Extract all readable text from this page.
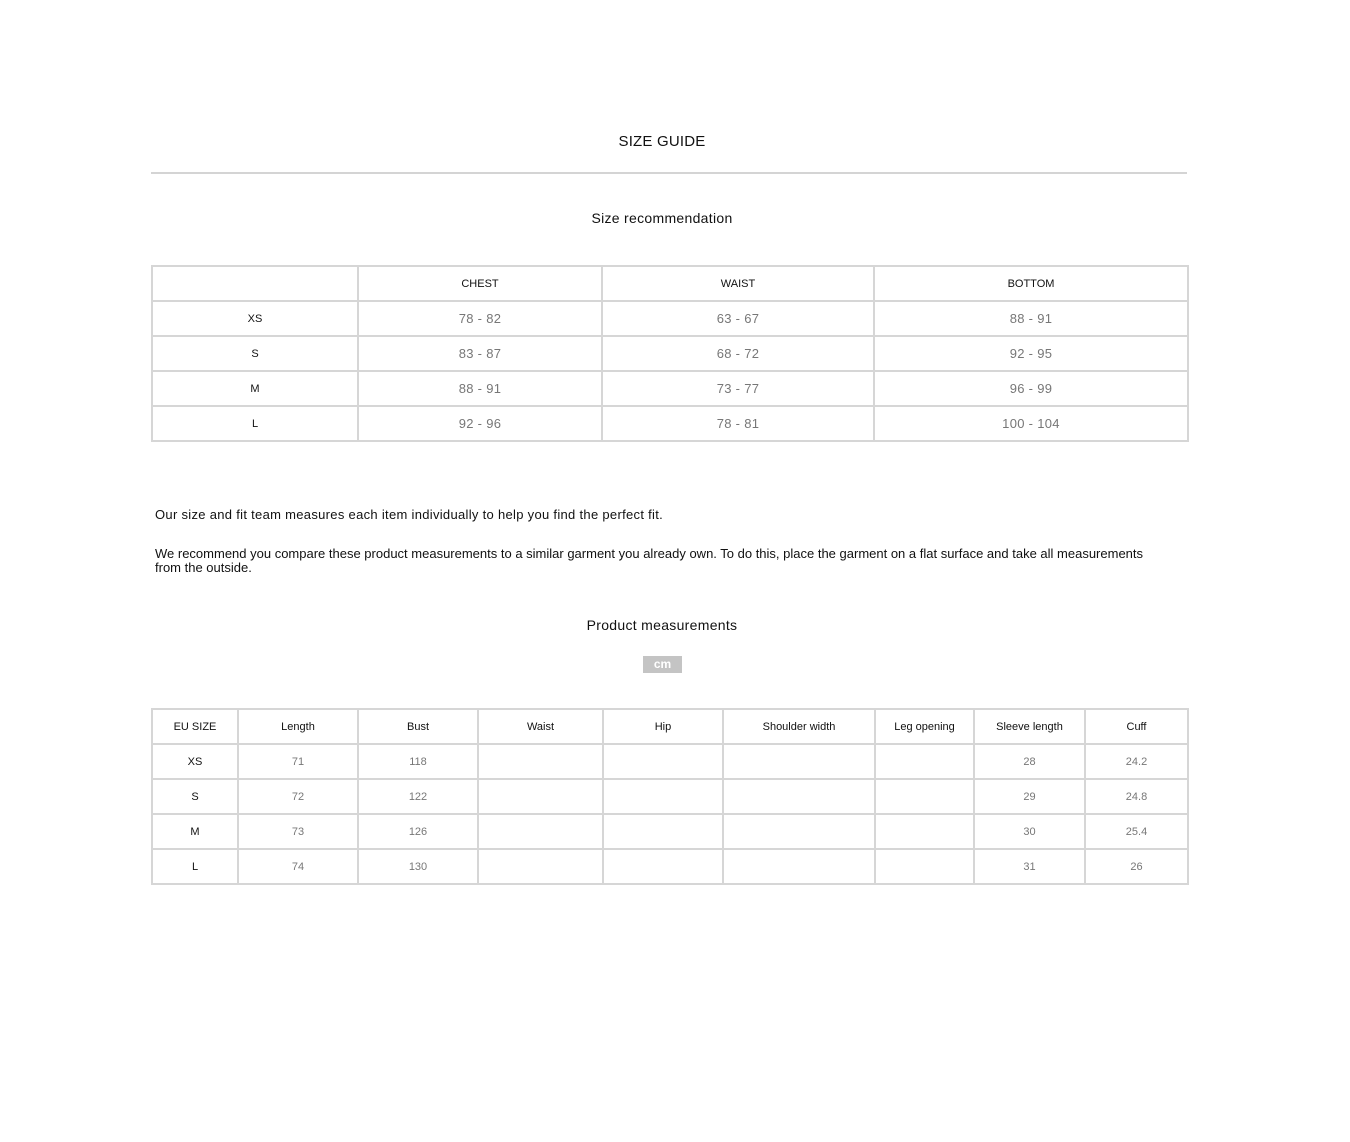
SIZE GUIDE
Size recommendation
	CHEST	WAIST	BOTTOM
XS	78 - 82	63 - 67	88 - 91
S	83 - 87	68 - 72	92 - 95
M	88 - 91	73 - 77	96 - 99
L	92 - 96	78 - 81	100 - 104
Our size and fit team measures each item individually to help you find the perfect fit.
We recommend you compare these product measurements to a similar garment you already own. To do this, place the garment on a flat surface and take all measurements from the outside.
Product measurements
cm
EU SIZE	Length	Bust	Waist	Hip	Shoulder width	Leg opening	Sleeve length	Cuff
XS	71	118					28	24.2
S	72	122					29	24.8
M	73	126					30	25.4
L	74	130					31	26
